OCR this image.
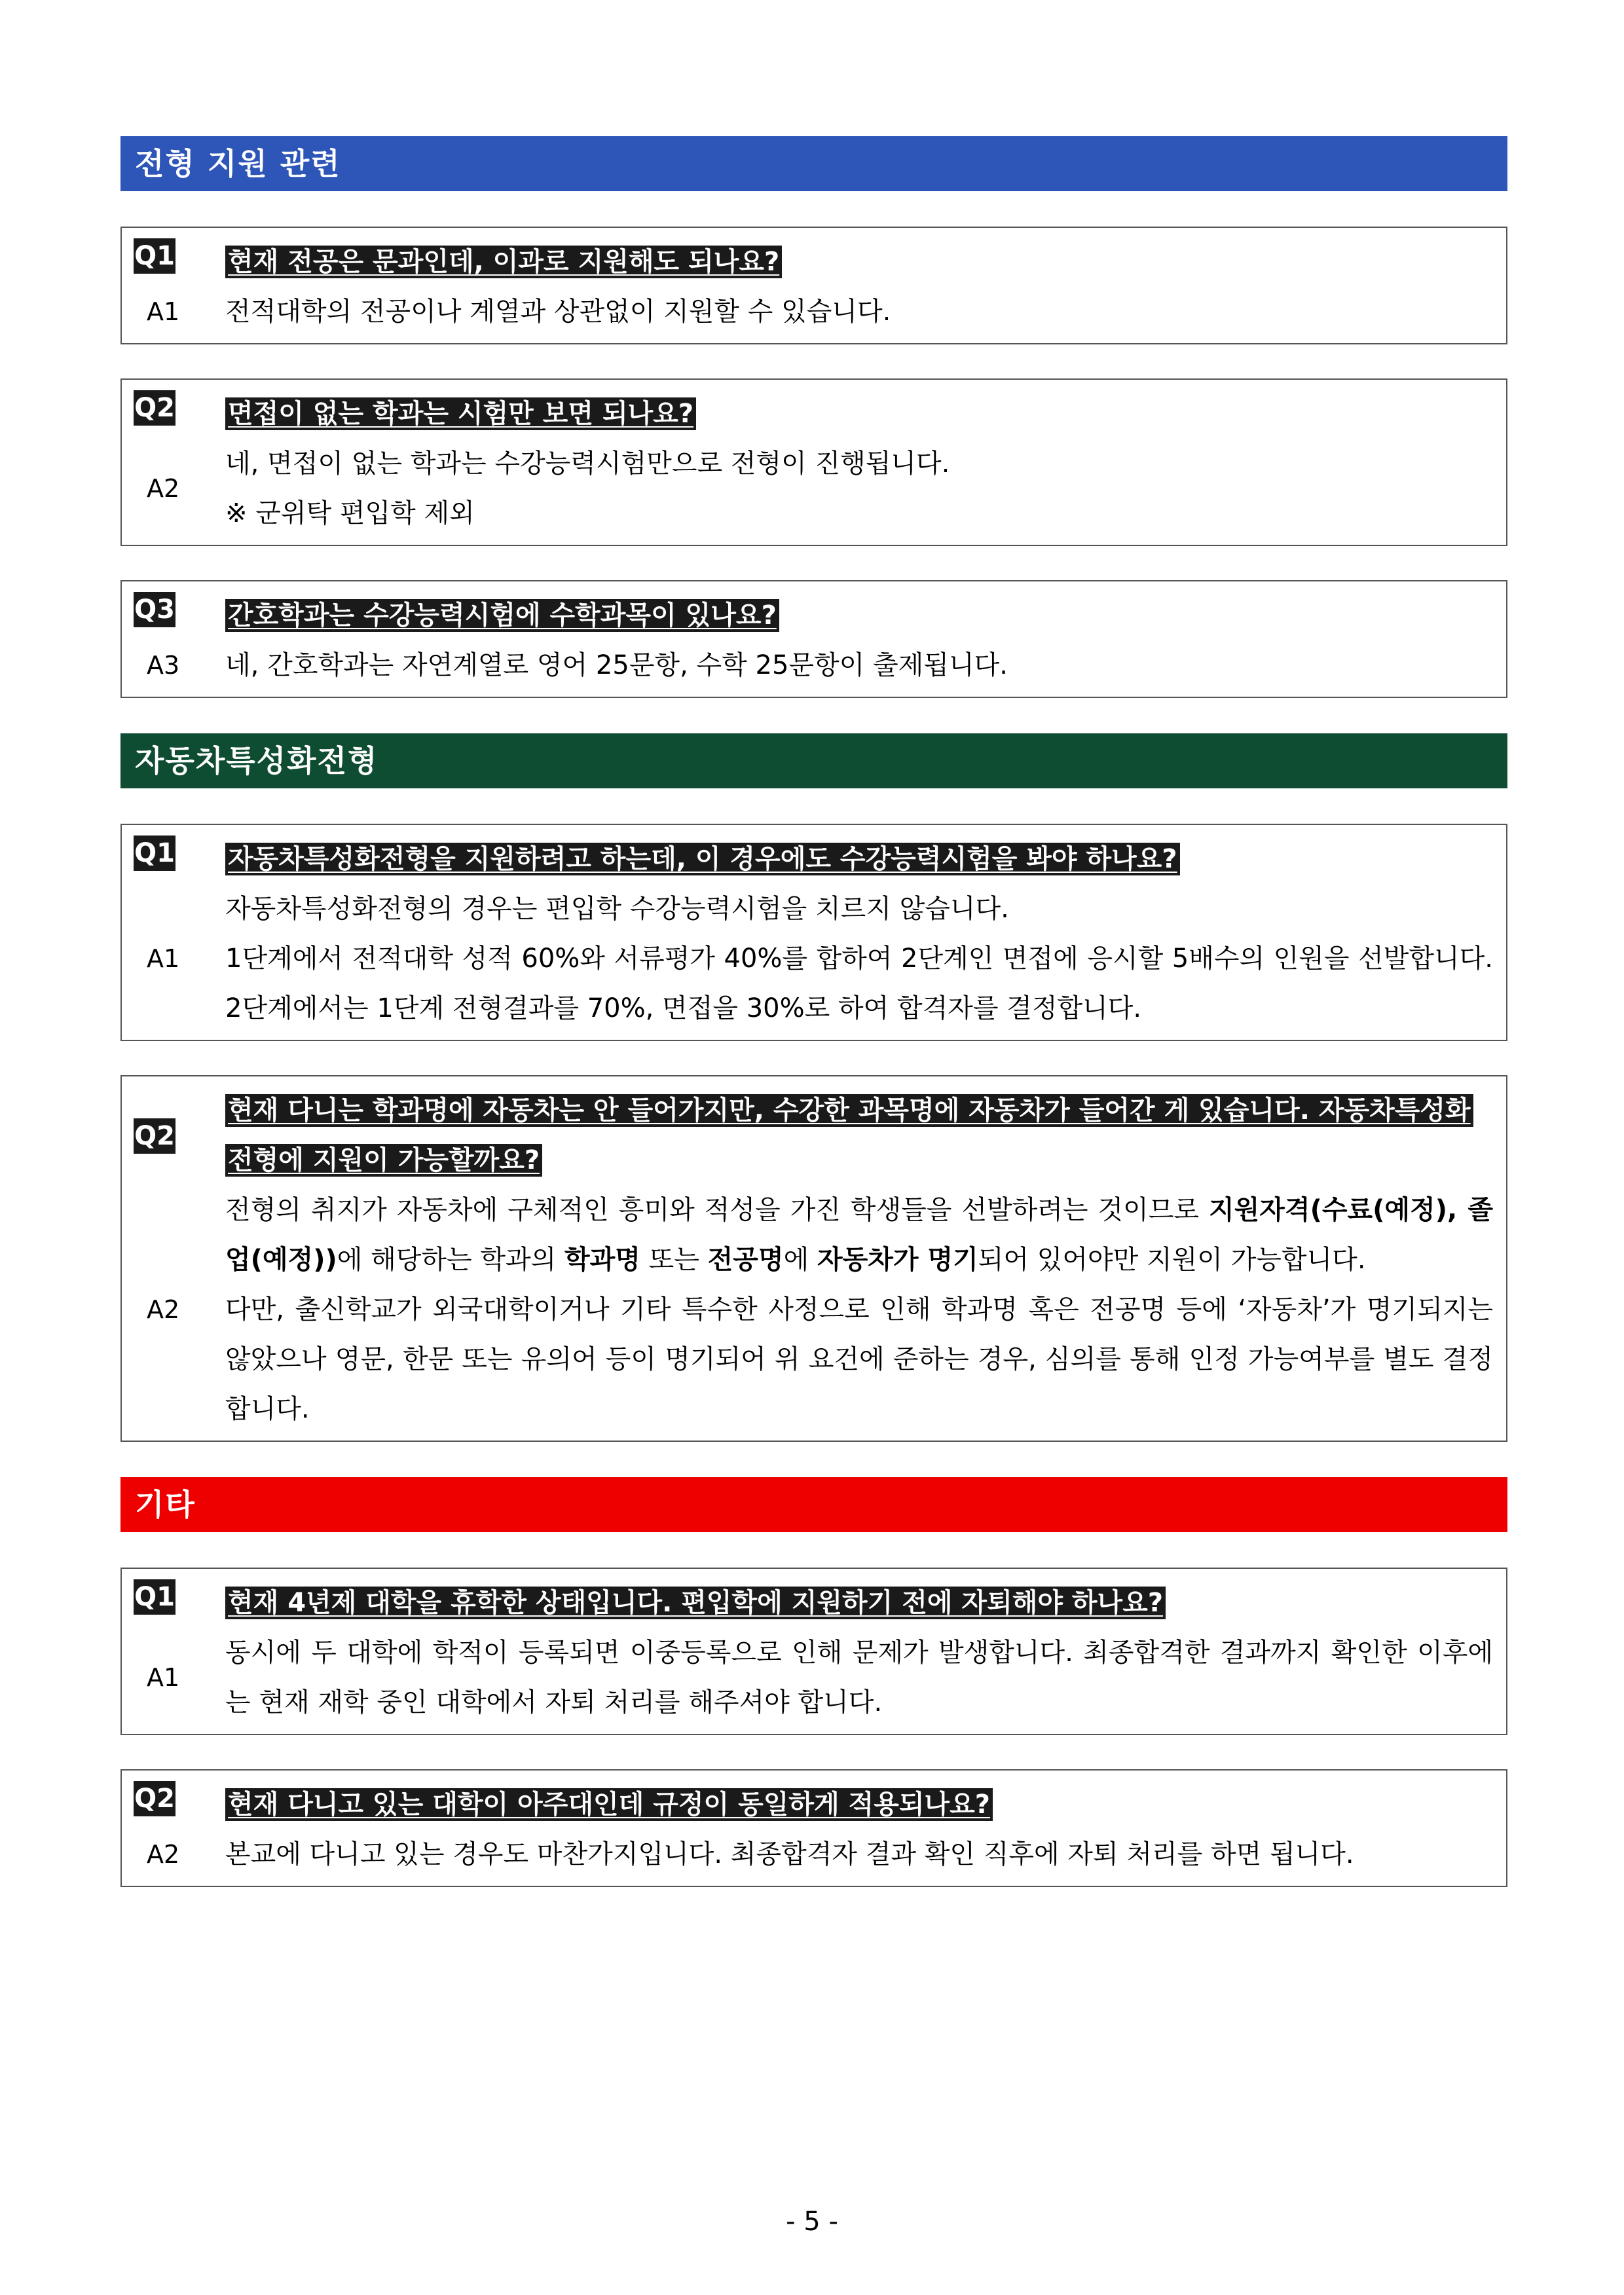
전형 지원 관련
Q1 현재 전공은 문과인데, 이과로 지원해도 되나요?
A1	전적대학의 전공이나 계열과 상관없이 지원할 수 있습니다.

Q2 면접이 없는 학과는 시험만 보면 되나요?
A2

네, 면접이 없는 학과는 수강능력시험만으로 전형이 진행됩니다.

※ 군위탁 편입학 제외

Q3 간호학과는 수강능력시험에 수학과목이 있나요?
A3	네, 간호학과는 자연계열로 영어 25문항, 수학 25문항이 출제됩니다.

자동차특성화전형
Q1 자동차특성화전형을 지원하려고 하는데, 이 경우에도 수강능력시험을 봐야 하나요?
A1

자동차특성화전형의 경우는 편입학 수강능력시험을 치르지 않습니다.

1단계에서 전적대학 성적 60%와 서류평가 40%를 합하여 2단계인 면접에 응시할 5배수의 인원을 선발합니다. 2단계에서는 1단계 전형결과를 70%, 면접을 30%로 하여 합격자를 결정합니다.

Q2
현재 다니는 학과명에 자동차는 안 들어가지만, 수강한 과목명에 자동차가 들어간 게 있습니다. 자동차특성화전형에 지원이 가능할까요?
A2

전형의 취지가 자동차에 구체적인 흥미와 적성을 가진 학생들을 선발하려는 것이므로 지원자격(수료(예정), 졸업(예정))에 해당하는 학과의 학과명 또는 전공명에 자동차가 명기되어 있어야만 지원이 가능합니다.

다만, 출신학교가 외국대학이거나 기타 특수한 사정으로 인해 학과명 혹은 전공명 등에 ‘자동차’가 명기되지는 않았으나 영문, 한문 또는 유의어 등이 명기되어 위 요건에 준하는 경우, 심의를 통해 인정 가능여부를 별도 결정합니다.

기타
Q1 현재 4년제 대학을 휴학한 상태입니다. 편입학에 지원하기 전에 자퇴해야 하나요?
A1

동시에 두 대학에 학적이 등록되면 이중등록으로 인해 문제가 발생합니다. 최종합격한 결과까지 확인한 이후에는 현재 재학 중인 대학에서 자퇴 처리를 해주셔야 합니다.

Q2 현재 다니고 있는 대학이 아주대인데 규정이 동일하게 적용되나요?
A2	본교에 다니고 있는 경우도 마찬가지입니다. 최종합격자 결과 확인 직후에 자퇴 처리를 하면 됩니다.

- 5 -
